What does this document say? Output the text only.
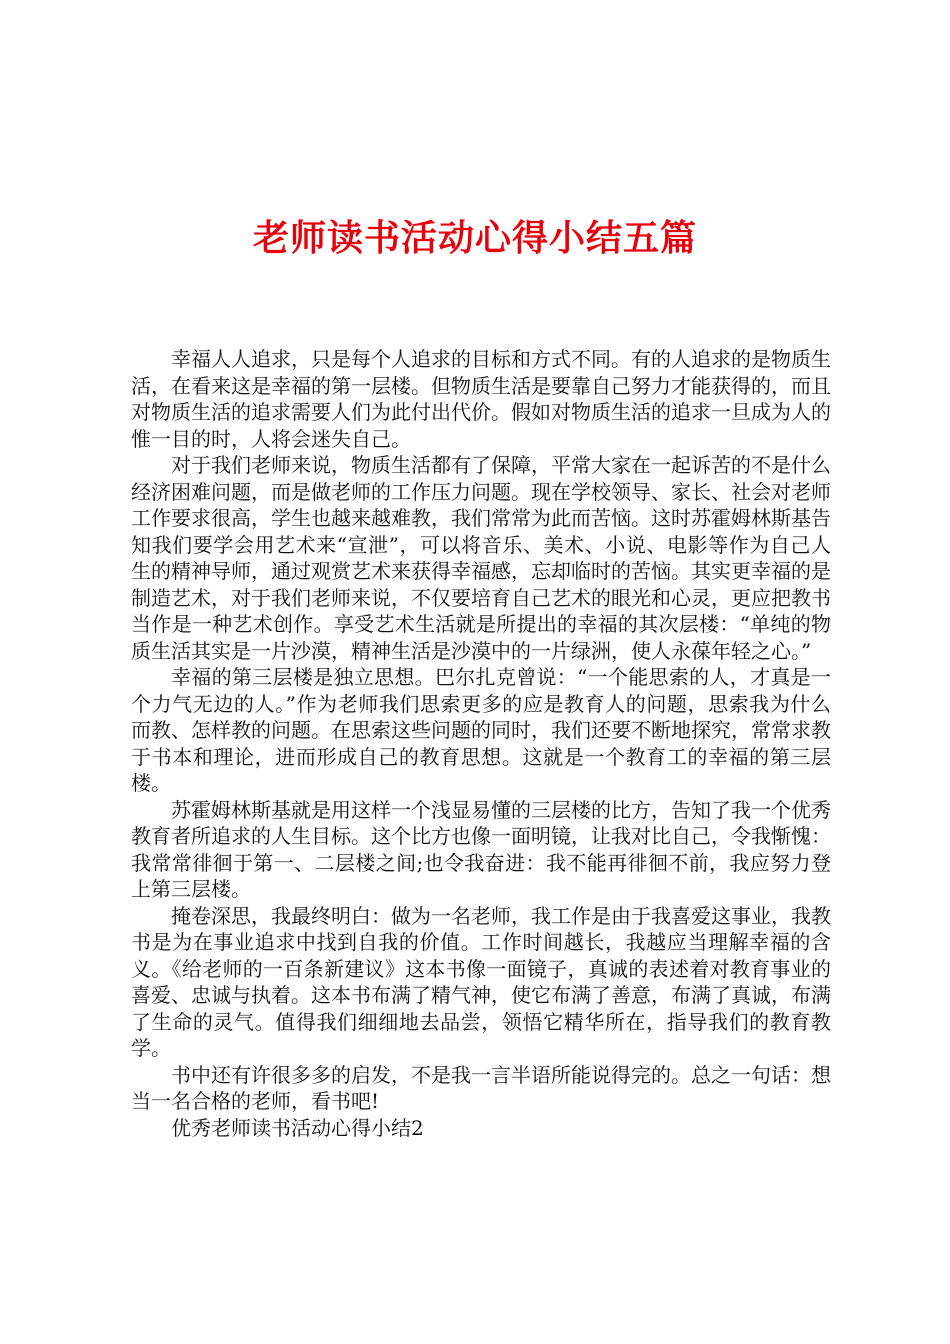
老师读书活动心得小结五篇

幸福人人追求，只是每个人追求的目标和方式不同。有的人追求的是物质生活，在看来这是幸福的第一层楼。但物质生活是要靠自己努力才能获得的，而且对物质生活的追求需要人们为此付出代价。假如对物质生活的追求一旦成为人的惟一目的时，人将会迷失自己。

对于我们老师来说，物质生活都有了保障，平常大家在一起诉苦的不是什么经济困难问题，而是做老师的工作压力问题。现在学校领导、家长、社会对老师工作要求很高，学生也越来越难教，我们常常为此而苦恼。这时苏霍姆林斯基告知我们要学会用艺术来“宣泄”，可以将音乐、美术、小说、电影等作为自己人生的精神导师，通过观赏艺术来获得幸福感，忘却临时的苦恼。其实更幸福的是制造艺术，对于我们老师来说，不仅要培育自己艺术的眼光和心灵，更应把教书当作是一种艺术创作。享受艺术生活就是所提出的幸福的其次层楼：“单纯的物质生活其实是一片沙漠，精神生活是沙漠中的一片绿洲，使人永葆年轻之心。”

幸福的第三层楼是独立思想。巴尔扎克曾说：“一个能思索的人，才真是一个力气无边的人。”作为老师我们思索更多的应是教育人的问题，思索我为什么而教、怎样教的问题。在思索这些问题的同时，我们还要不断地探究，常常求教于书本和理论，进而形成自己的教育思想。这就是一个教育工的幸福的第三层楼。

苏霍姆林斯基就是用这样一个浅显易懂的三层楼的比方，告知了我一个优秀教育者所追求的人生目标。这个比方也像一面明镜，让我对比自己，令我惭愧：我常常徘徊于第一、二层楼之间;也令我奋进：我不能再徘徊不前，我应努力登上第三层楼。

掩卷深思，我最终明白：做为一名老师，我工作是由于我喜爱这事业，我教书是为在事业追求中找到自我的价值。工作时间越长，我越应当理解幸福的含义。《给老师的一百条新建议》这本书像一面镜子，真诚的表述着对教育事业的喜爱、忠诚与执着。这本书布满了精气神，使它布满了善意，布满了真诚，布满了生命的灵气。值得我们细细地去品尝，领悟它精华所在，指导我们的教育教学。

书中还有许很多多的启发，不是我一言半语所能说得完的。总之一句话：想当一名合格的老师，看书吧!

优秀老师读书活动心得小结2
